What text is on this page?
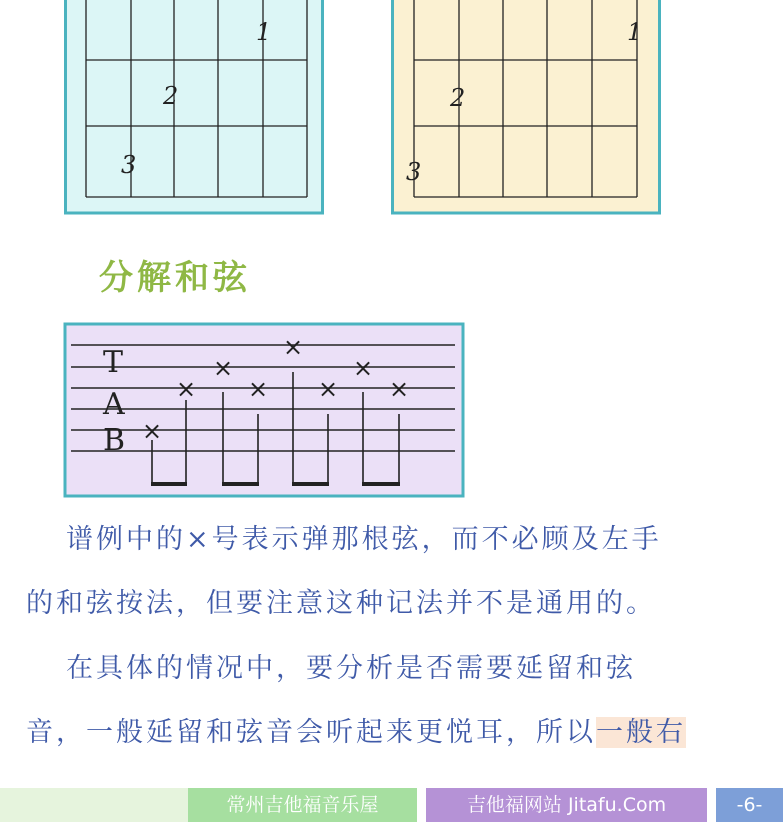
1
2
3
1
2
3
分解和弦
T
A
B ×
×
×
×
×
×
×
×
谱例中的×号表示弹那根弦，而不必顾及左手
的和弦按法，但要注意这种记法并不是通用的。
在具体的情况中，要分析是否需要延留和弦
音，一般延留和弦音会听起来更悦耳，所以一般右
常州吉他福音乐屋	吉他福网站 Jitafu.Com	-6-
